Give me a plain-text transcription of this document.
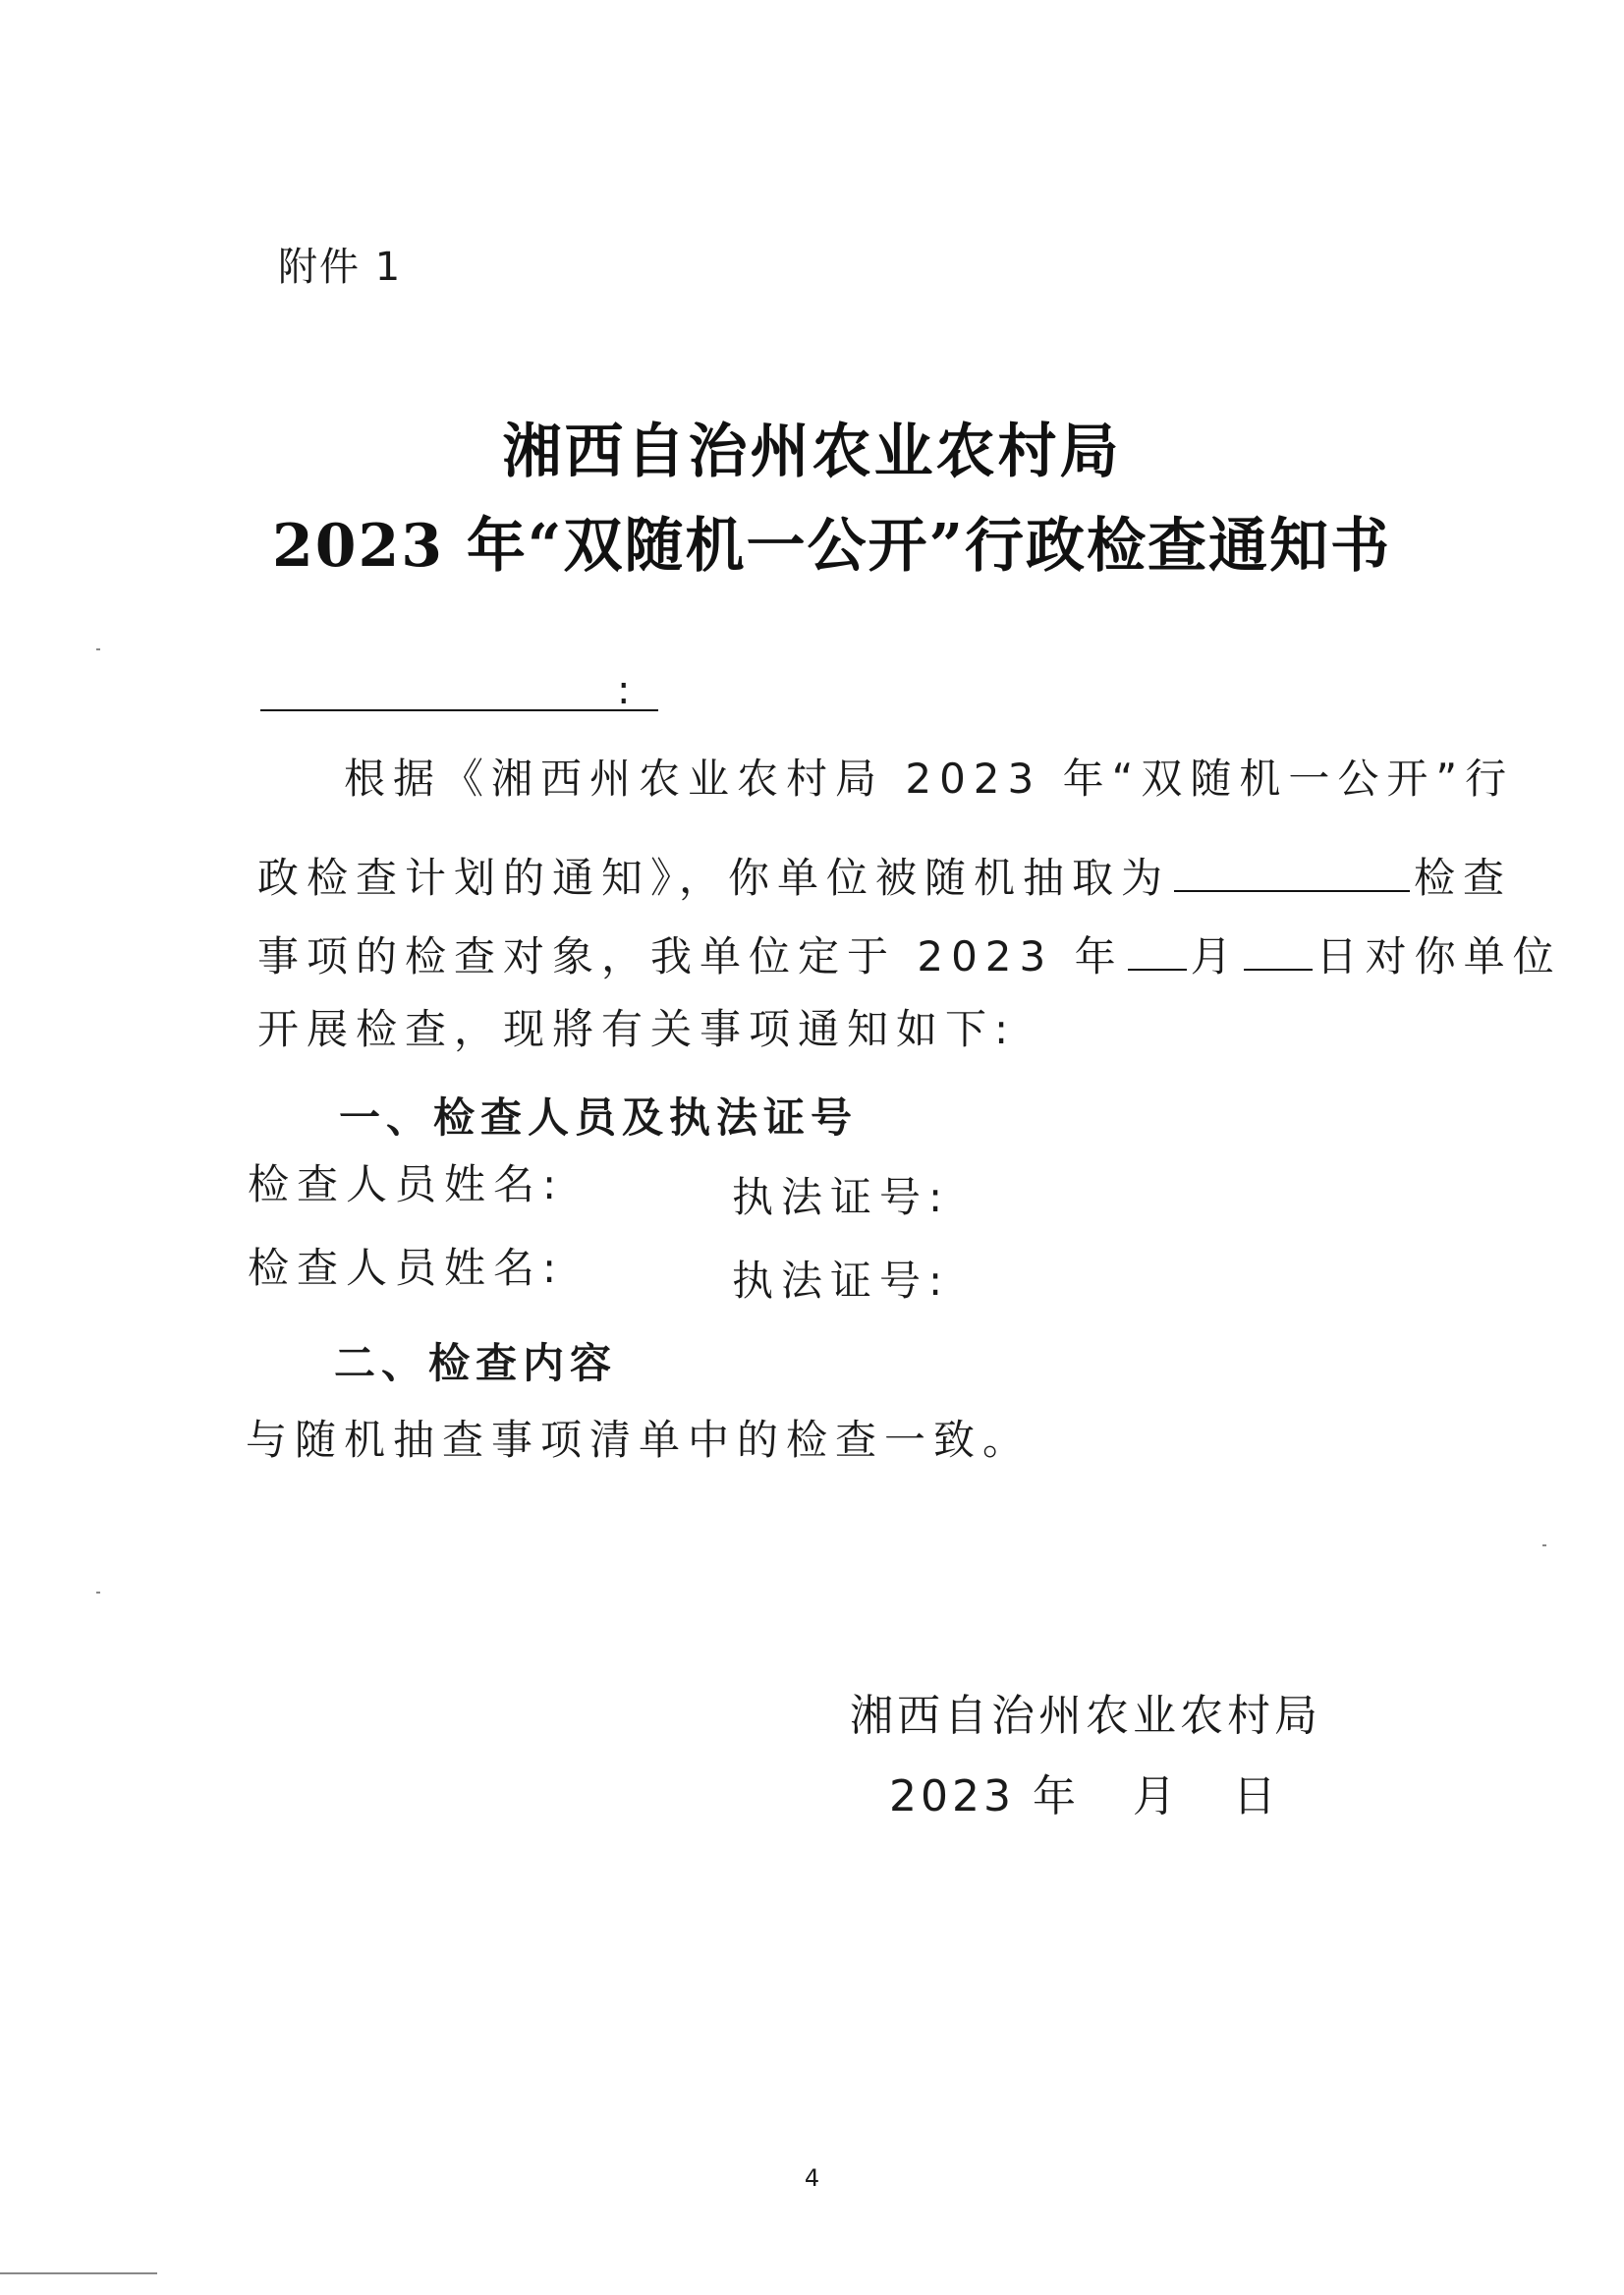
附件 1
湘西自治州农业农村局
2023 年“双随机一公开”行政检查通知书
:
根据《湘西州农业农村局 2023 年“双随机一公开”行
政检查计划的通知》，你单位被随机抽取为	检查
事项的检查对象，我单位定于 2023 年 月 日对你单位
开展检查，现將有关事项通知如下:
一、检查人员及执法证号
检查人员姓名:	执法证号:
检查人员姓名:	执法证号:
二、检查内容
与随机抽查事项清单中的检查一致。
湘西自治州农业农村局
2023 年   月   日
4
